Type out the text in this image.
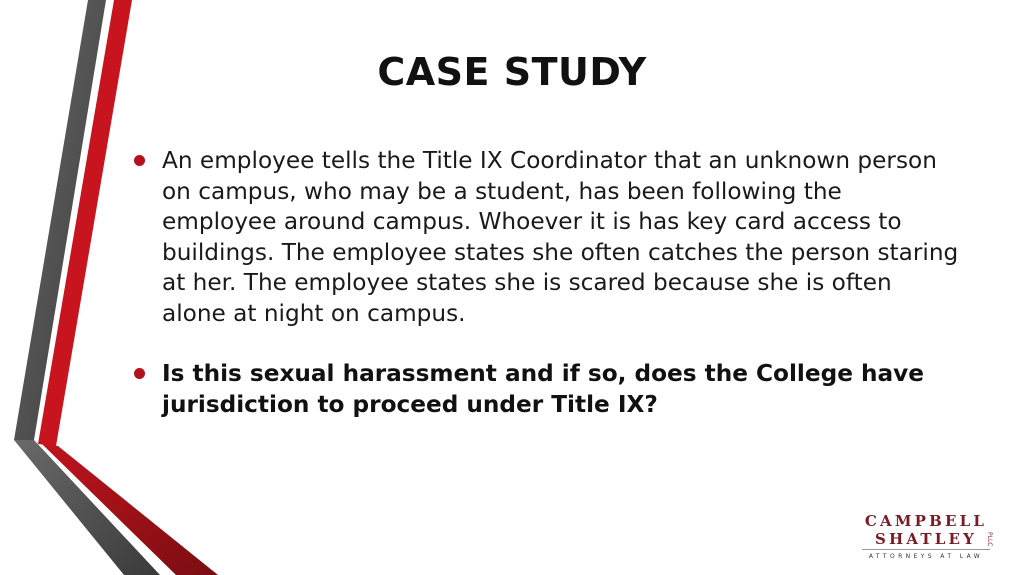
CASE STUDY
An employee tells the Title IX Coordinator that an unknown person on campus, who may be a student, has been following the employee around campus. Whoever it is has key card access to buildings. The employee states she often catches the person staring at her. The employee states she is scared because she is often alone at night on campus.
Is this sexual harassment and if so, does the College have jurisdiction to proceed under Title IX?
CAMPBELL
SHATLEY	PLLC
ATTORNEYS AT LAW
